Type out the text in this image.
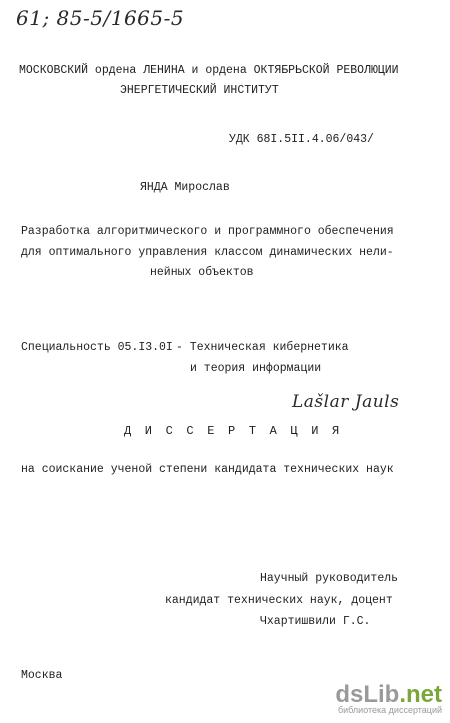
61; 85-5/1665-5
МОСКОВСКИЙ ордена ЛЕНИНА и ордена ОКТЯБРЬСКОЙ РЕВОЛЮЦИИ
ЭНЕРГЕТИЧЕСКИЙ ИНСТИТУТ
УДК 68I.5II.4.06/043/
ЯНДА Мирослав
Разработка алгоритмического и программного обеспечения
для оптимального управления классом динамических нели-
нейных объектов
Специальность 05.I3.0I - Техническая кибернетика
и теория информации
Lašlar Jauls
Д И С С Е Р Т А Ц И Я
на соискание ученой степени кандидата технических наук
Научный руководитель
кандидат технических наук, доцент
Чхартишвили Г.С.
Москва
dsLib.net
библиотека диссертаций
